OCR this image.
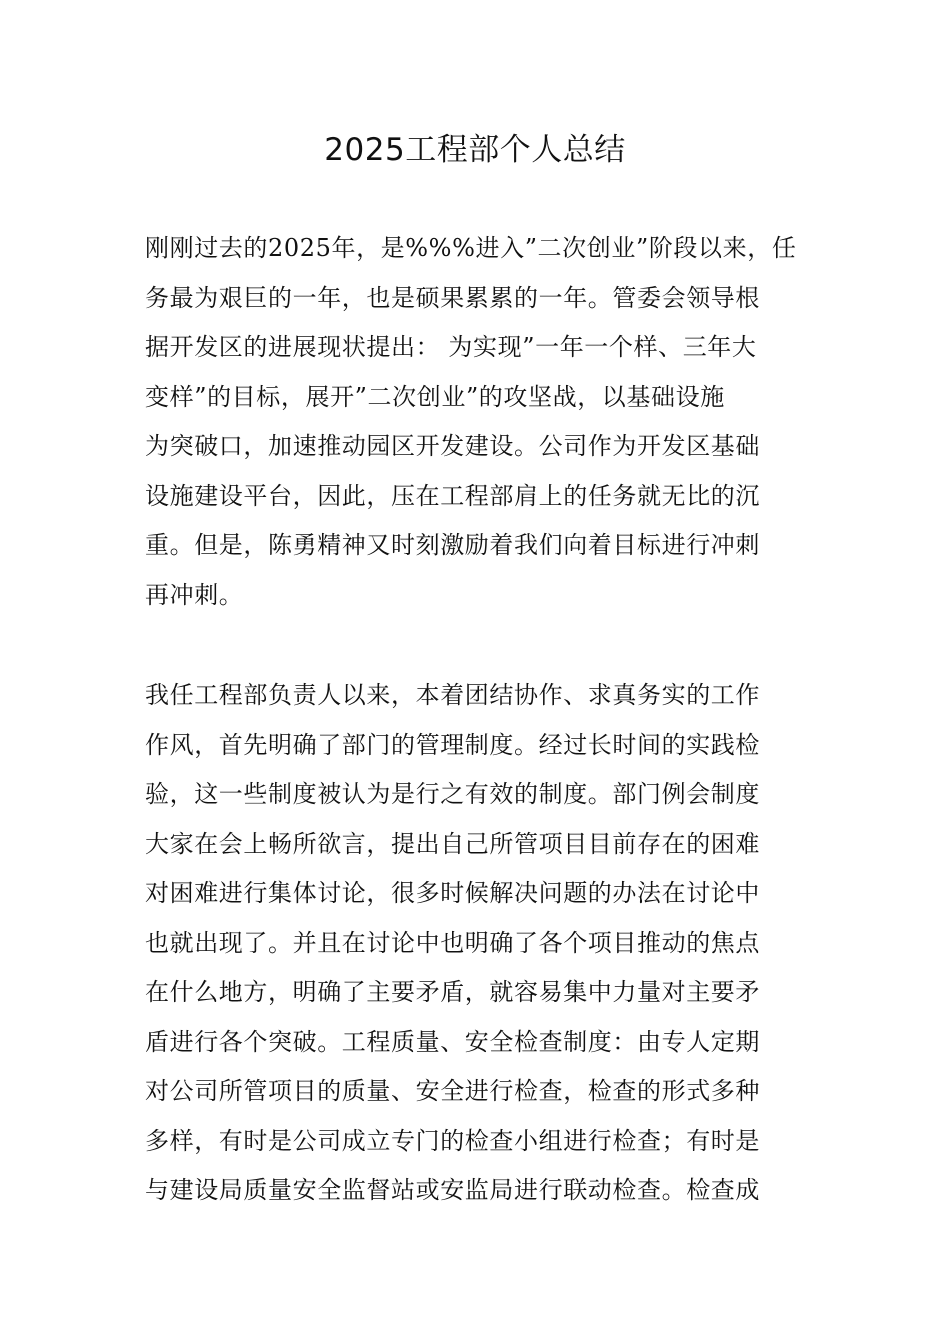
2025工程部个人总结
刚刚过去的2025年，是%%%进入”二次创业”阶段以来，任
务最为艰巨的一年，也是硕果累累的一年。管委会领导根
据开发区的进展现状提出： 为实现”一年一个样、三年大
变样”的目标，展开”二次创业”的攻坚战，以基础设施
为突破口，加速推动园区开发建设。公司作为开发区基础
设施建设平台，因此，压在工程部肩上的任务就无比的沉
重。但是，陈勇精神又时刻激励着我们向着目标进行冲刺
再冲刺。
我任工程部负责人以来，本着团结协作、求真务实的工作
作风，首先明确了部门的管理制度。经过长时间的实践检
验，这一些制度被认为是行之有效的制度。部门例会制度
大家在会上畅所欲言，提出自己所管项目目前存在的困难
对困难进行集体讨论，很多时候解决问题的办法在讨论中
也就出现了。并且在讨论中也明确了各个项目推动的焦点
在什么地方，明确了主要矛盾，就容易集中力量对主要矛
盾进行各个突破。工程质量、安全检查制度：由专人定期
对公司所管项目的质量、安全进行检查，检查的形式多种
多样，有时是公司成立专门的检查小组进行检查；有时是
与建设局质量安全监督站或安监局进行联动检查。检查成
